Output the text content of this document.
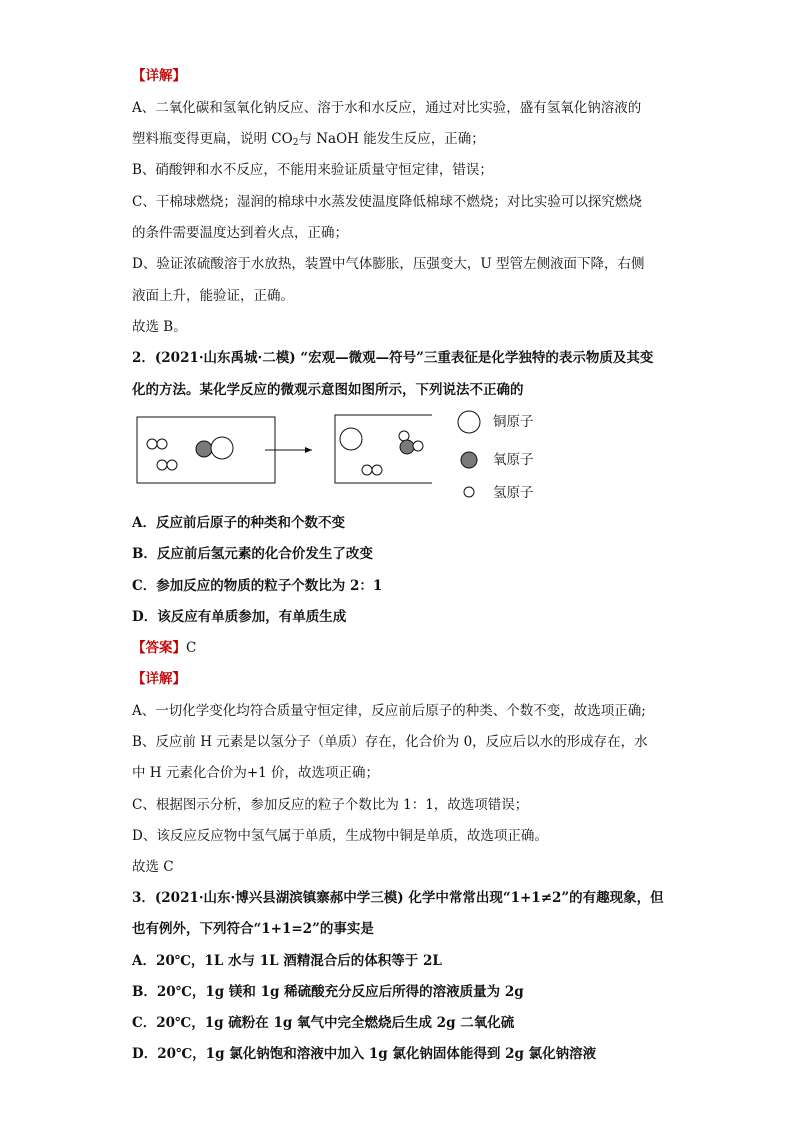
【详解】
A、二氧化碳和氢氧化钠反应、溶于水和水反应，通过对比实验，盛有氢氧化钠溶液的
塑料瓶变得更扁，说明 $CO_2$与 NaOH 能发生反应，正确；
B、硝酸钾和水不反应，不能用来验证质量守恒定律，错误；
C、干棉球燃烧；湿润的棉球中水蒸发使温度降低棉球不燃烧；对比实验可以探究燃烧
的条件需要温度达到着火点，正确；
D、验证浓硫酸溶于水放热，装置中气体膨胀，压强变大，U 型管左侧液面下降，右侧
液面上升，能验证，正确。
故选 B。
2．(2021·山东禹城·二模) “宏观—微观—符号”三重表征是化学独特的表示物质及其变
化的方法。某化学反应的微观示意图如图所示，下列说法不正确的
铜原子
氧原子
氢原子
A．反应前后原子的种类和个数不变
B．反应前后氢元素的化合价发生了改变
C．参加反应的物质的粒子个数比为 2：1
D．该反应有单质参加，有单质生成
【答案】C
【详解】
A、一切化学变化均符合质量守恒定律，反应前后原子的种类、个数不变，故选项正确;
B、反应前 H 元素是以氢分子（单质）存在，化合价为 0，反应后以水的形成存在，水
中 H 元素化合价为+1 价，故选项正确；
C、根据图示分析，参加反应的粒子个数比为 1：1，故选项错误；
D、该反应反应物中氢气属于单质，生成物中铜是单质，故选项正确。
故选 C
3．(2021·山东·博兴县湖滨镇寨郝中学三模) 化学中常常出现“1+1≠2”的有趣现象，但
也有例外，下列符合“1+1=2”的事实是
A．20℃，1L 水与 1L 酒精混合后的体积等于 2L
B．20℃，1g 镁和 1g 稀硫酸充分反应后所得的溶液质量为 2g
C．20℃，1g 硫粉在 1g 氧气中完全燃烧后生成 2g 二氧化硫
D．20℃，1g 氯化钠饱和溶液中加入 1g 氯化钠固体能得到 2g 氯化钠溶液
